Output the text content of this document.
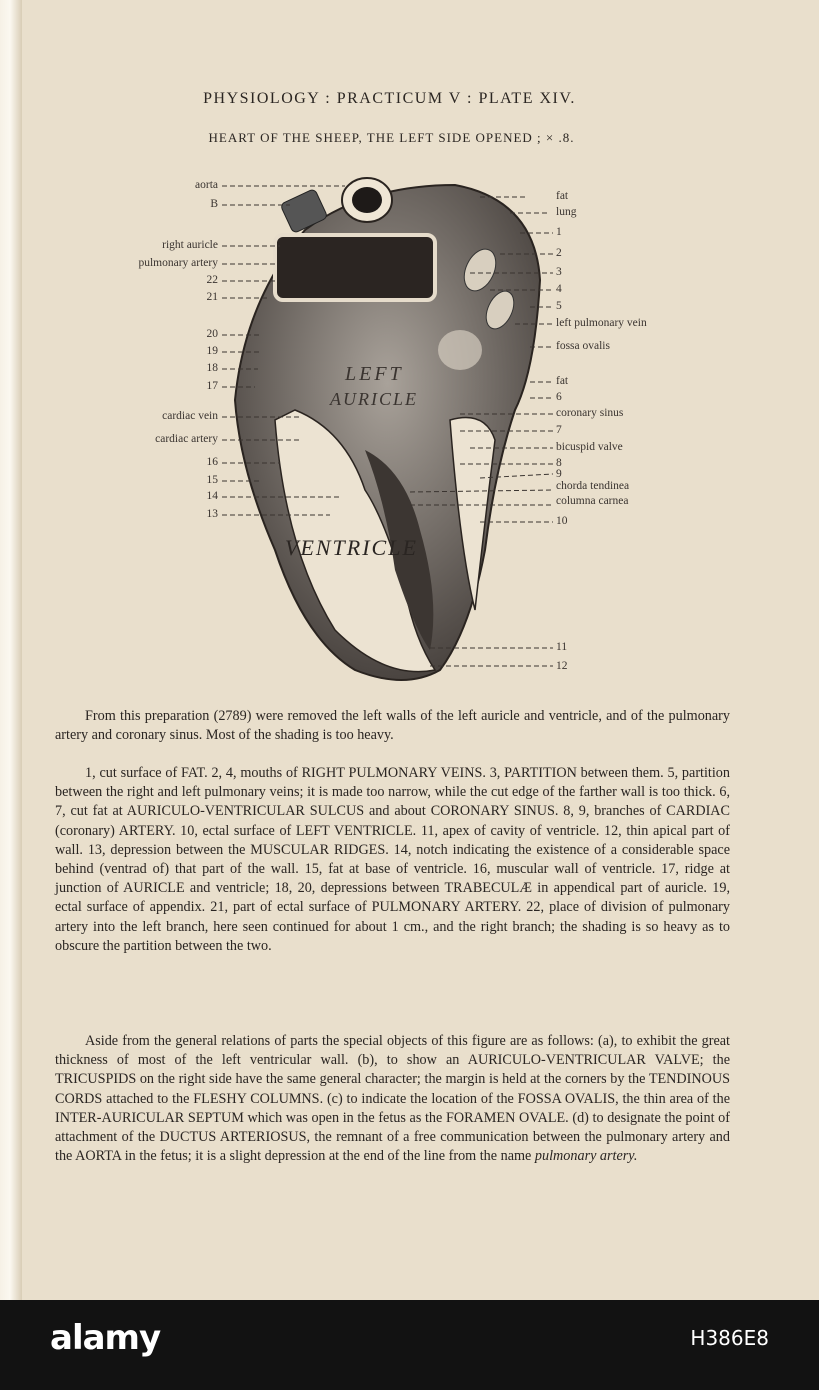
PHYSIOLOGY : PRACTICUM V : PLATE XIV.
HEART OF THE SHEEP, THE LEFT SIDE OPENED ; × .8.
LEFT
AURICLE
VENTRICLE
aorta
B
right auricle
pulmonary artery
22
21
20
19
18
17
cardiac vein
cardiac artery
16
15
14
13
fat
lung
1
2
3
4
5
left pulmonary vein
fossa ovalis
fat
6
coronary sinus
7
bicuspid valve
8
9
chorda tendinea
columna carnea
10
11
12

From this preparation (2789) were removed the left walls of the left auricle and ventricle, and of the pulmonary artery and coronary sinus. Most of the shading is too heavy.

1, cut surface of FAT. 2, 4, mouths of RIGHT PULMONARY VEINS. 3, PARTITION between them. 5, partition between the right and left pulmonary veins; it is made too narrow, while the cut edge of the farther wall is too thick. 6, 7, cut fat at AURICULO-VENTRICULAR SULCUS and about CORONARY SINUS. 8, 9, branches of CARDIAC (coronary) ARTERY. 10, ectal surface of LEFT VENTRICLE. 11, apex of cavity of ventricle. 12, thin apical part of wall. 13, depression between the MUSCULAR RIDGES. 14, notch indicating the existence of a considerable space behind (ventrad of) that part of the wall. 15, fat at base of ventricle. 16, muscular wall of ventricle. 17, ridge at junction of AURICLE and ventricle; 18, 20, depressions between TRABECULÆ in appendical part of auricle. 19, ectal surface of appendix. 21, part of ectal surface of PULMONARY ARTERY. 22, place of division of pulmonary artery into the left branch, here seen continued for about 1 cm., and the right branch; the shading is so heavy as to obscure the partition between the two.

Aside from the general relations of parts the special objects of this figure are as follows: (a), to exhibit the great thickness of most of the left ventricular wall. (b), to show an AURICULO-VENTRICULAR VALVE; the TRICUSPIDS on the right side have the same general character; the margin is held at the corners by the TENDINOUS CORDS attached to the FLESHY COLUMNS. (c) to indicate the location of the FOSSA OVALIS, the thin area of the INTER-AURICULAR SEPTUM which was open in the fetus as the FORAMEN OVALE. (d) to designate the point of attachment of the DUCTUS ARTERIOSUS, the remnant of a free communication between the pulmonary artery and the AORTA in the fetus; it is a slight depression at the end of the line from the name pulmonary artery.

alamy	H386E8
